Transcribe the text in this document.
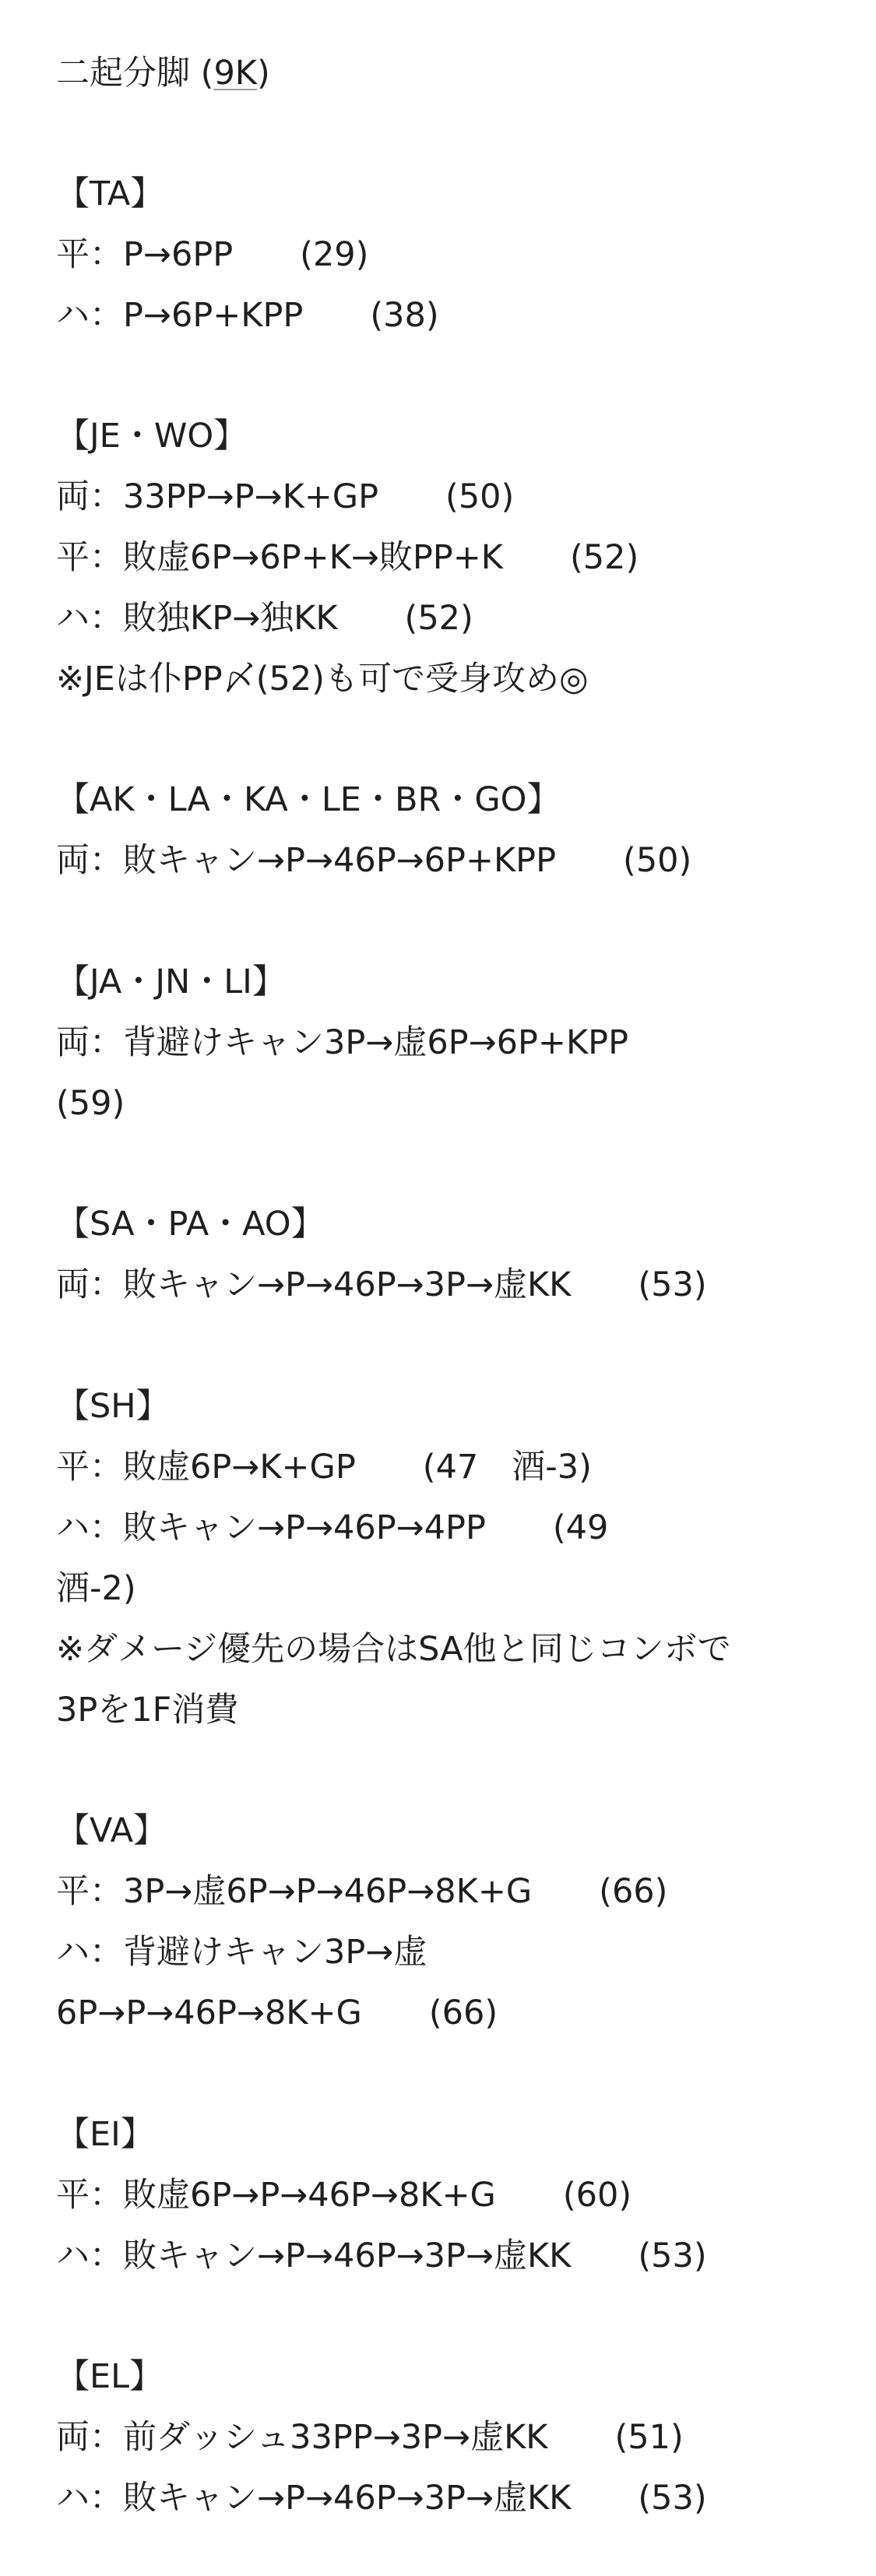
二起分脚 (9K)
【TA】
平：P→6PP　　(29)
ハ：P→6P+KPP　　(38)
【JE・WO】
両：33PP→P→K+GP　　(50)
平：敗虚6P→6P+K→敗PP+K　　(52)
ハ：敗独KP→独KK　　(52)
※JEは仆PP〆(52)も可で受身攻め◎
【AK・LA・KA・LE・BR・GO】
両：敗キャン→P→46P→6P+KPP　　(50)
【JA・JN・LI】
両：背避けキャン3P→虚6P→6P+KPP
(59)
【SA・PA・AO】
両：敗キャン→P→46P→3P→虚KK　　(53)
【SH】
平：敗虚6P→K+GP　　(47　酒-3)
ハ：敗キャン→P→46P→4PP　　(49
酒-2)
※ダメージ優先の場合はSA他と同じコンボで
3Pを1F消費
【VA】
平：3P→虚6P→P→46P→8K+G　　(66)
ハ：背避けキャン3P→虚
6P→P→46P→8K+G　　(66)
【EI】
平：敗虚6P→P→46P→8K+G　　(60)
ハ：敗キャン→P→46P→3P→虚KK　　(53)
【EL】
両：前ダッシュ33PP→3P→虚KK　　(51)
ハ：敗キャン→P→46P→3P→虚KK　　(53)
